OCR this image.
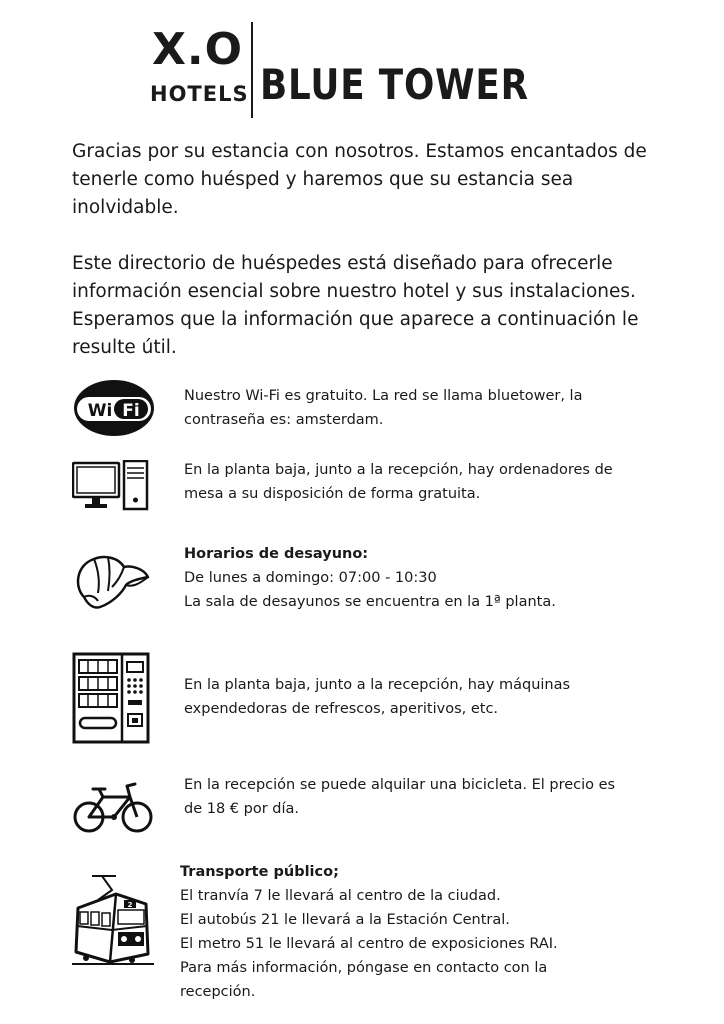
X.O
HOTELS BLUE TOWER

Gracias por su estancia con nosotros. Estamos encantados de tenerle como huésped y haremos que su estancia sea inolvidable.

Este directorio de huéspedes está diseñado para ofrecerle información esencial sobre nuestro hotel y sus instalaciones. Esperamos que la información que aparece a continuación le resulte útil.

Wi Fi
Nuestro Wi-Fi es gratuito. La red se llama bluetower, la
contraseña es: amsterdam.
En la planta baja, junto a la recepción, hay ordenadores de
mesa a su disposición de forma gratuita.
Horarios de desayuno:
De lunes a domingo: 07:00 - 10:30
La sala de desayunos se encuentra en la 1ª planta.
En la planta baja, junto a la recepción, hay máquinas
expendedoras de refrescos, aperitivos, etc.
En la recepción se puede alquilar una bicicleta. El precio es
de 18 € por día.
2
Transporte público;
El tranvía 7 le llevará al centro de la ciudad.
El autobús 21 le llevará a la Estación Central.
El metro 51 le llevará al centro de exposiciones RAI.
Para más información, póngase en contacto con la
recepción.
